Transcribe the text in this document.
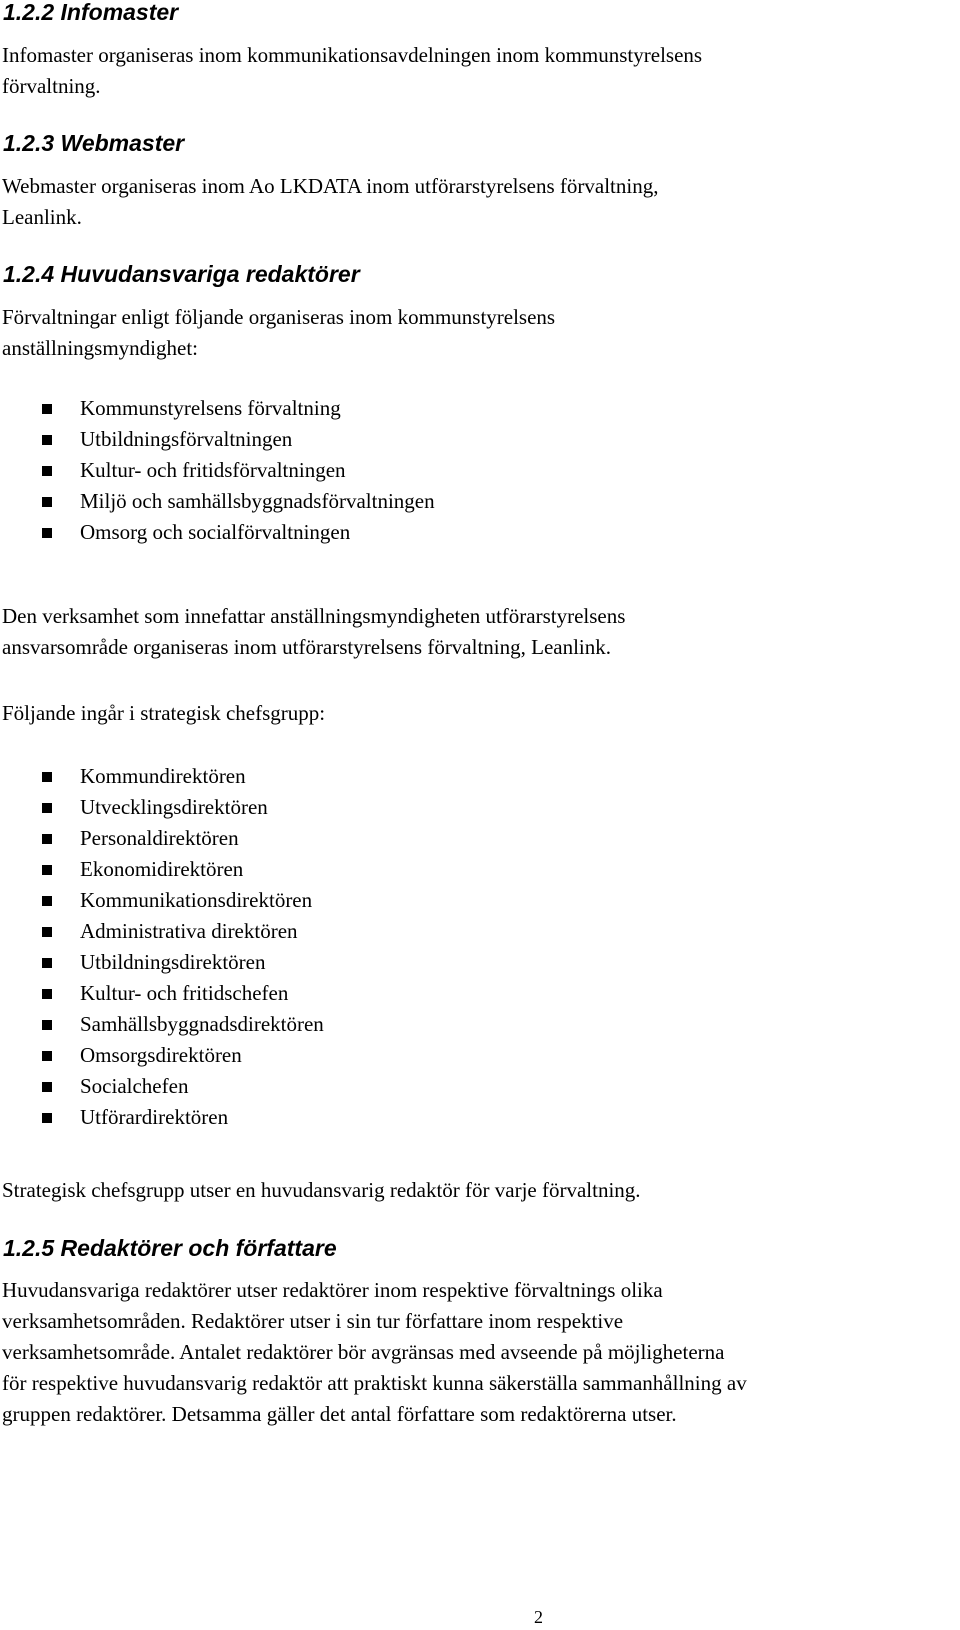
1.2.2 Infomaster

Infomaster organiseras inom kommunikationsavdelningen inom kommunstyrelsens

förvaltning.

1.2.3 Webmaster

Webmaster organiseras inom Ao LKDATA inom utförarstyrelsens förvaltning,

Leanlink.

1.2.4 Huvudansvariga redaktörer

Förvaltningar enligt följande organiseras inom kommunstyrelsens

anställningsmyndighet:

Kommunstyrelsens förvaltning
Utbildningsförvaltningen
Kultur- och fritidsförvaltningen
Miljö och samhällsbyggnadsförvaltningen
Omsorg och socialförvaltningen

Den verksamhet som innefattar anställningsmyndigheten utförarstyrelsens

ansvarsområde organiseras inom utförarstyrelsens förvaltning, Leanlink.

Följande ingår i strategisk chefsgrupp:

Kommundirektören
Utvecklingsdirektören
Personaldirektören
Ekonomidirektören
Kommunikationsdirektören
Administrativa direktören
Utbildningsdirektören
Kultur- och fritidschefen
Samhällsbyggnadsdirektören
Omsorgsdirektören
Socialchefen
Utförardirektören

Strategisk chefsgrupp utser en huvudansvarig redaktör för varje förvaltning.

1.2.5 Redaktörer och författare

Huvudansvariga redaktörer utser redaktörer inom respektive förvaltnings olika

verksamhetsområden. Redaktörer utser i sin tur författare inom respektive

verksamhetsområde. Antalet redaktörer bör avgränsas med avseende på möjligheterna

för respektive huvudansvarig redaktör att praktiskt kunna säkerställa sammanhållning av

gruppen redaktörer. Detsamma gäller det antal författare som redaktörerna utser.

2
